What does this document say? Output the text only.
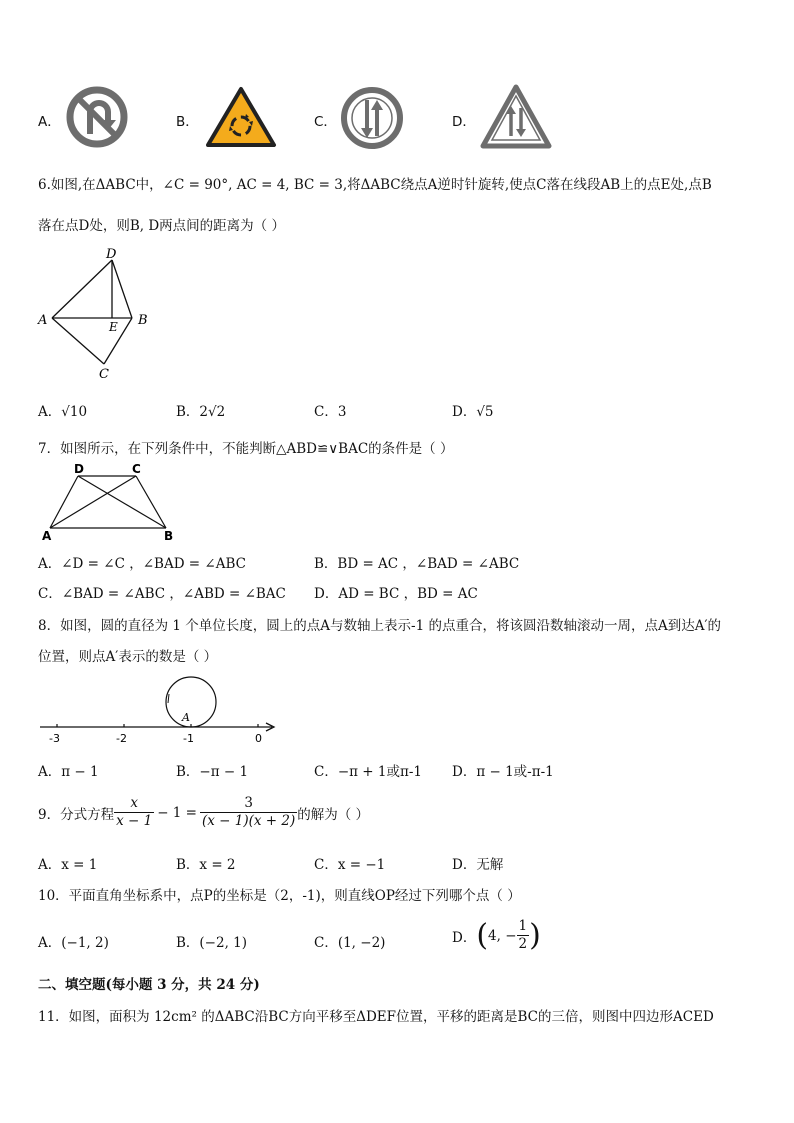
A．	B．	C．	D．
6.如图,在ΔABC中，∠C = 90°, AC = 4, BC = 3,将ΔABC绕点A逆时针旋转,使点C落在线段AB上的点E处,点B
落在点D处，则B, D两点间的距离为（ ）
D
A	E B
C
A．√10	B．2√2	C．3	D．√5
7．如图所示，在下列条件中，不能判断△ABD≌∨BAC的条件是（ ）
D	C
A	B
A．∠D = ∠C ，∠BAD = ∠ABC	B．BD = AC ，∠BAD = ∠ABC
C．∠BAD = ∠ABC ，∠ABD = ∠BAC D．AD = BC ，BD = AC
8．如图，圆的直径为 1 个单位长度，圆上的点A与数轴上表示-1 的点重合，将该圆沿数轴滚动一周，点A到达A′的
位置，则点A′表示的数是（ ）
A
-3	-2	-1	0
A．π − 1	B．−π − 1	C．−π + 1或π-1 D．π − 1或-π-1
9．分式方程 $\frac{x}{x - 1} - 1 = \frac{3}{(x - 1)(x + 2)}$ 的解为（ ）
A．x = 1	B．x = 2	C．x = −1	D．无解
10．平面直角坐标系中，点P的坐标是（2，-1)，则直线OP经过下列哪个点（ ）
A．(−1, 2)	B．(−2, 1)	C．(1, −2)	D． ( 4, − $\frac{1}{2}$ )
二、填空题(每小题 3 分，共 24 分)
11．如图，面积为 12cm² 的ΔABC沿BC方向平移至ΔDEF位置，平移的距离是BC的三倍，则图中四边形ACED
